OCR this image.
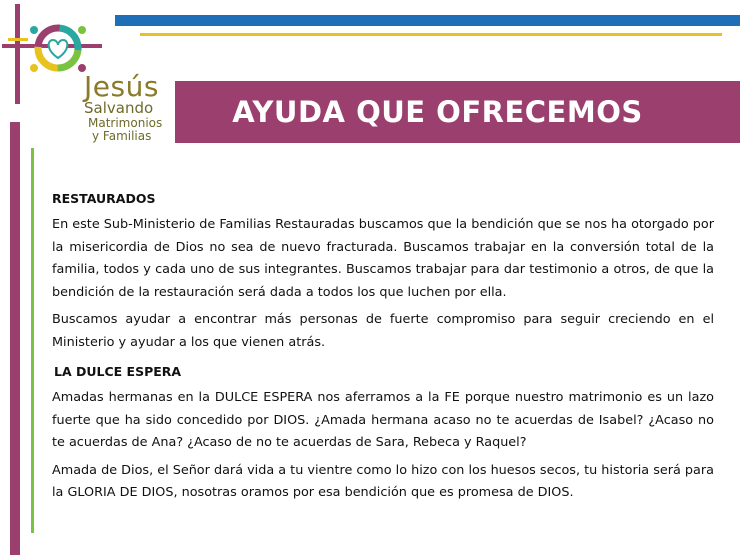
Jesús
Salvando
Matrimonios
y Familias
AYUDA QUE OFRECEMOS
RESTAURADOS

En este Sub-Ministerio de Familias Restauradas buscamos que la bendición que se nos ha otorgado por la misericordia de Dios no sea de nuevo fracturada. Buscamos trabajar en la conversión total de la familia, todos y cada uno de sus integrantes. Buscamos trabajar para dar testimonio a otros, de que la bendición de la restauración será dada a todos los que luchen por ella.

Buscamos ayudar a encontrar más personas de fuerte compromiso para seguir creciendo en el Ministerio y ayudar a los que vienen atrás.

LA DULCE ESPERA

Amadas hermanas en la DULCE ESPERA nos aferramos a la FE porque nuestro matrimonio es un lazo fuerte que ha sido concedido por DIOS. ¿Amada hermana acaso no te acuerdas de Isabel? ¿Acaso no te acuerdas de Ana? ¿Acaso de no te acuerdas de Sara, Rebeca y Raquel?

Amada de Dios, el Señor dará vida a tu vientre como lo hizo con los huesos secos, tu historia será para la GLORIA DE DIOS, nosotras oramos por esa bendición que es promesa de DIOS.
